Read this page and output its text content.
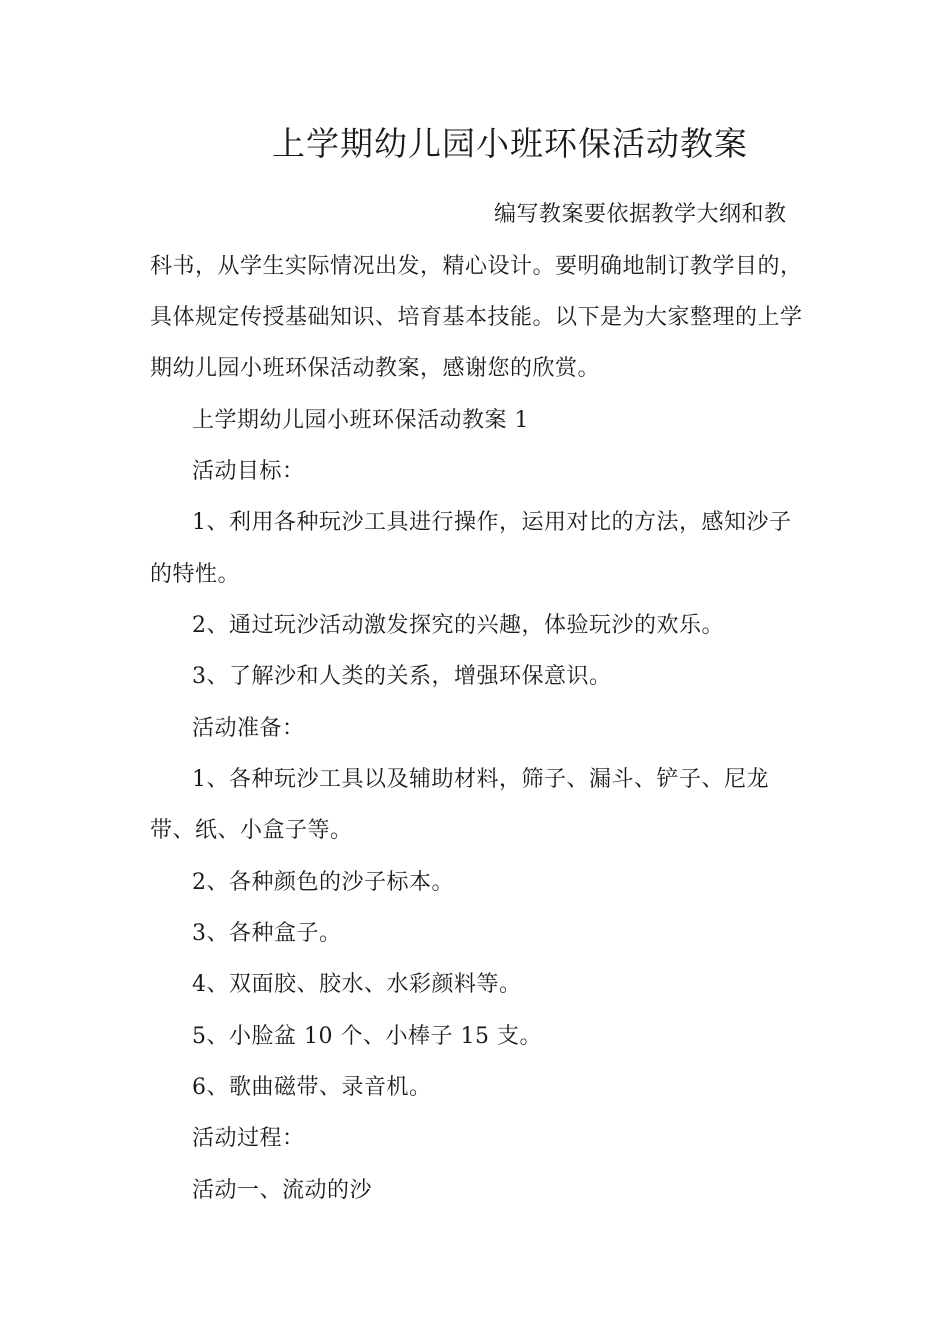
上学期幼儿园小班环保活动教案
编写教案要依据教学大纲和教
科书，从学生实际情况出发，精心设计。要明确地制订教学目的，
具体规定传授基础知识、培育基本技能。以下是为大家整理的上学
期幼儿园小班环保活动教案，感谢您的欣赏。
上学期幼儿园小班环保活动教案 1
活动目标：
1、利用各种玩沙工具进行操作，运用对比的方法，感知沙子
的特性。
2、通过玩沙活动激发探究的兴趣，体验玩沙的欢乐。
3、了解沙和人类的关系，增强环保意识。
活动准备：
1、各种玩沙工具以及辅助材料，筛子、漏斗、铲子、尼龙
带、纸、小盒子等。
2、各种颜色的沙子标本。
3、各种盒子。
4、双面胶、胶水、水彩颜料等。
5、小脸盆 10 个、小棒子 15 支。
6、歌曲磁带、录音机。
活动过程：
活动一、流动的沙
